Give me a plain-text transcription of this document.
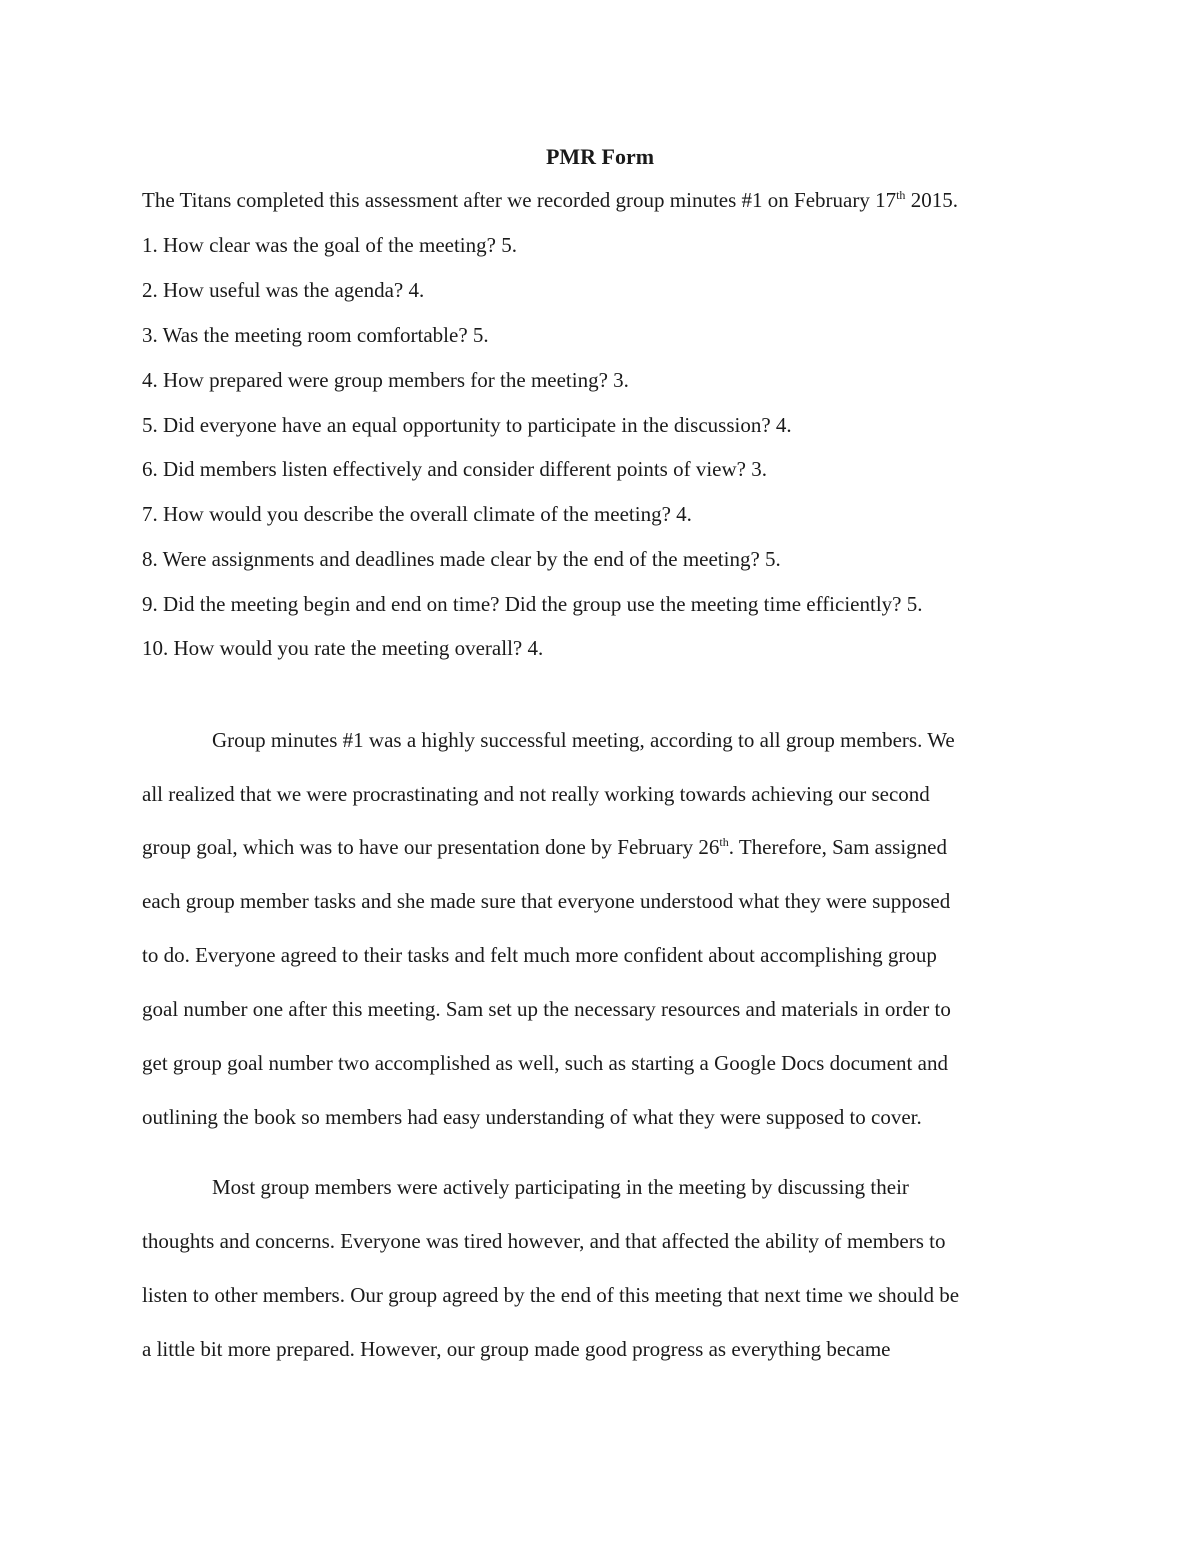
PMR Form
The Titans completed this assessment after we recorded group minutes #1 on February 17th 2015.
1. How clear was the goal of the meeting? 5.
2. How useful was the agenda? 4.
3. Was the meeting room comfortable? 5.
4. How prepared were group members for the meeting? 3.
5. Did everyone have an equal opportunity to participate in the discussion? 4.
6. Did members listen effectively and consider different points of view? 3.
7. How would you describe the overall climate of the meeting? 4.
8. Were assignments and deadlines made clear by the end of the meeting? 5.
9. Did the meeting begin and end on time? Did the group use the meeting time efficiently? 5.
10. How would you rate the meeting overall? 4.
Group minutes #1 was a highly successful meeting, according to all group members. We
all realized that we were procrastinating and not really working towards achieving our second
group goal, which was to have our presentation done by February 26th. Therefore, Sam assigned
each group member tasks and she made sure that everyone understood what they were supposed
to do. Everyone agreed to their tasks and felt much more confident about accomplishing group
goal number one after this meeting. Sam set up the necessary resources and materials in order to
get group goal number two accomplished as well, such as starting a Google Docs document and
outlining the book so members had easy understanding of what they were supposed to cover.
Most group members were actively participating in the meeting by discussing their
thoughts and concerns. Everyone was tired however, and that affected the ability of members to
listen to other members. Our group agreed by the end of this meeting that next time we should be
a little bit more prepared. However, our group made good progress as everything became
